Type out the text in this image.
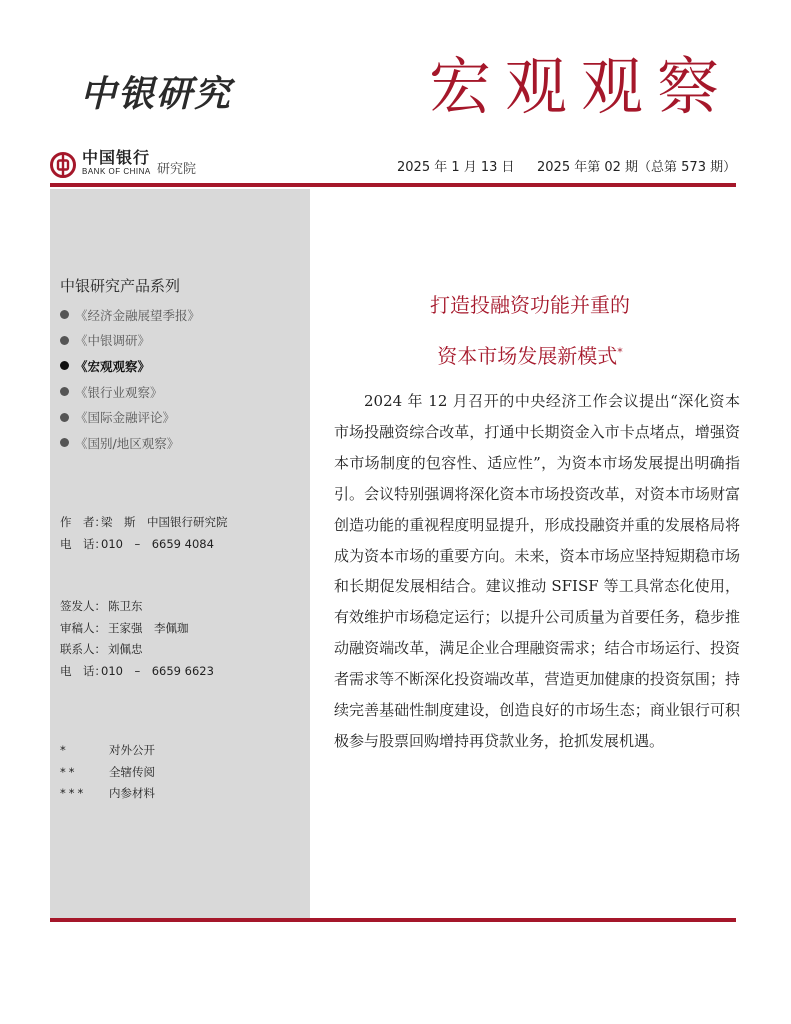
中银研究	宏观观察
中国银行
BANK OF CHINA 研究院	2025 年 1 月 13 日 2025 年第 02 期（总第 573 期）
中银研究产品系列
《经济金融展望季报》
《中银调研》
《宏观观察》
《银行业观察》
《国际金融评论》
《国别/地区观察》
作　者：
梁　斯　中国银行研究院
电　话：
010　–　6659 4084
签发人： 陈卫东
审稿人： 王家强　李佩珈
联系人： 刘佩忠
电　话：
010　–　6659 6623
*	对外公开
**	全辖传阅
***	内参材料
打造投融资功能并重的
资本市场发展新模式*

2024 年 12 月召开的中央经济工作会议提出“深化资本市场投融资综合改革，打通中长期资金入市卡点堵点，增强资本市场制度的包容性、适应性”，为资本市场发展提出明确指引。会议特别强调将深化资本市场投资改革，对资本市场财富创造功能的重视程度明显提升，形成投融资并重的发展格局将成为资本市场的重要方向。未来，资本市场应坚持短期稳市场和长期促发展相结合。建议推动 SFISF 等工具常态化使用，有效维护市场稳定运行；以提升公司质量为首要任务，稳步推动融资端改革，满足企业合理融资需求；结合市场运行、投资者需求等不断深化投资端改革，营造更加健康的投资氛围；持续完善基础性制度建设，创造良好的市场生态；商业银行可积极参与股票回购增持再贷款业务，抢抓发展机遇。
